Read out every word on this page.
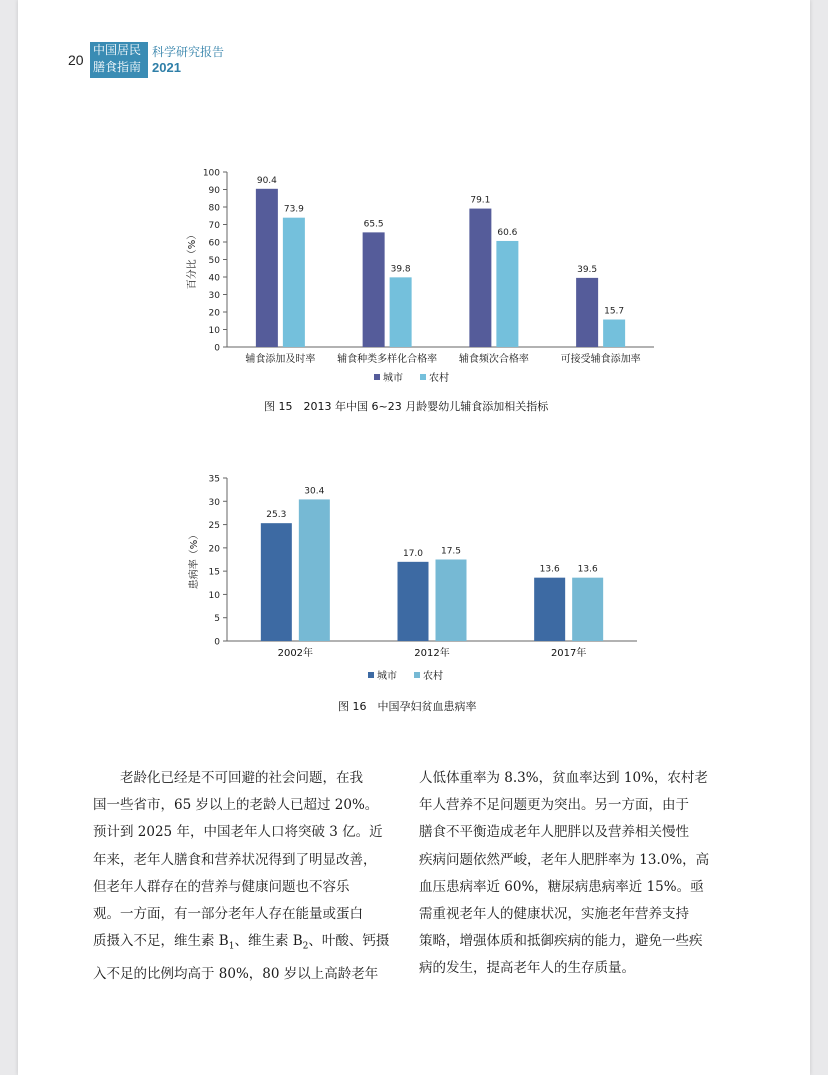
20
中国居民
膳食指南
科学研究报告
2021
0
10
20
30
40
50
60
70
80
90
100
百分比（%）
90.4
73.9
辅食添加及时率
65.5
39.8
辅食种类多样化合格率
79.1
60.6
辅食频次合格率
39.5
15.7
可接受辅食添加率
城市	农村
图 15　2013 年中国 6~23 月龄婴幼儿辅食添加相关指标
0
5
10
15
20
25
30
35
患病率（%）
25.3
30.4
2002年
17.0 17.5
2012年
13.6 13.6
2017年
城市	农村
图 16　中国孕妇贫血患病率
老龄化已经是不可回避的社会问题，在我
国一些省市，65 岁以上的老龄人已超过 20%。
预计到 2025 年，中国老年人口将突破 3 亿。近
年来，老年人膳食和营养状况得到了明显改善，
但老年人群存在的营养与健康问题也不容乐
观。一方面，有一部分老年人存在能量或蛋白
质摄入不足，维生素 $B_1$、维生素 $B_2$、叶酸、钙摄
入不足的比例均高于 80%，80 岁以上高龄老年
人低体重率为 8.3%，贫血率达到 10%，农村老
年人营养不足问题更为突出。另一方面，由于
膳食不平衡造成老年人肥胖以及营养相关慢性
疾病问题依然严峻，老年人肥胖率为 13.0%，高
血压患病率近 60%，糖尿病患病率近 15%。亟
需重视老年人的健康状况，实施老年营养支持
策略，增强体质和抵御疾病的能力，避免一些疾
病的发生，提高老年人的生存质量。
